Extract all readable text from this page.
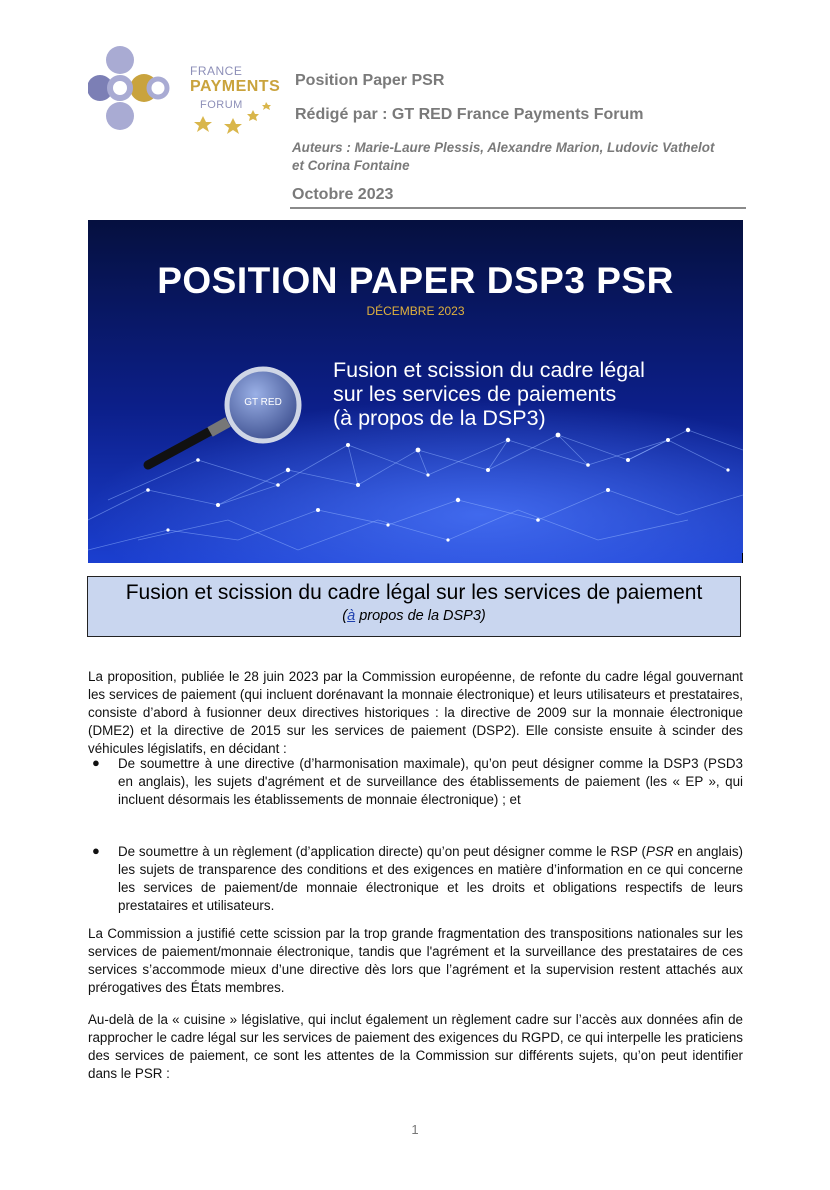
FRANCE
PAYMENTS
FORUM
Position Paper PSR
Rédigé par : GT RED France Payments Forum
Auteurs : Marie-Laure Plessis, Alexandre Marion, Ludovic Vathelot et Corina Fontaine
Octobre 2023
POSITION PAPER DSP3 PSR
DÉCEMBRE 2023
Fusion et scission du cadre légal
sur les services de paiements
(à propos de la DSP3)
GT RED
Fusion et scission du cadre légal sur les services de paiement
(à propos de la DSP3)
La proposition, publiée le 28 juin 2023 par la Commission européenne, de refonte du cadre légal gouvernant les services de paiement (qui incluent dorénavant la monnaie électronique) et leurs utilisateurs et prestataires, consiste d’abord à fusionner deux directives historiques : la directive de 2009 sur la monnaie électronique (DME2) et la directive de 2015 sur les services de paiement (DSP2). Elle consiste ensuite à scinder des véhicules législatifs, en décidant :
● De soumettre à une directive (d’harmonisation maximale), qu’on peut désigner comme la DSP3 (PSD3 en anglais), les sujets d'agrément et de surveillance des établissements de paiement (les « EP », qui incluent désormais les établissements de monnaie électronique) ; et
● De soumettre à un règlement (d’application directe) qu’on peut désigner comme le RSP (PSR en anglais) les sujets de transparence des conditions et des exigences en matière d’information en ce qui concerne les services de paiement/de monnaie électronique et les droits et obligations respectifs de leurs prestataires et utilisateurs.
La Commission a justifié cette scission par la trop grande fragmentation des transpositions nationales sur les services de paiement/monnaie électronique, tandis que l'agrément et la surveillance des prestataires de ces services s’accommode mieux d’une directive dès lors que l’agrément et la supervision restent attachés aux prérogatives des États membres.
Au-delà de la « cuisine » législative, qui inclut également un règlement cadre sur l’accès aux données afin de rapprocher le cadre légal sur les services de paiement des exigences du RGPD, ce qui interpelle les praticiens des services de paiement, ce sont les attentes de la Commission sur différents sujets, qu’on peut identifier dans le PSR :
1
